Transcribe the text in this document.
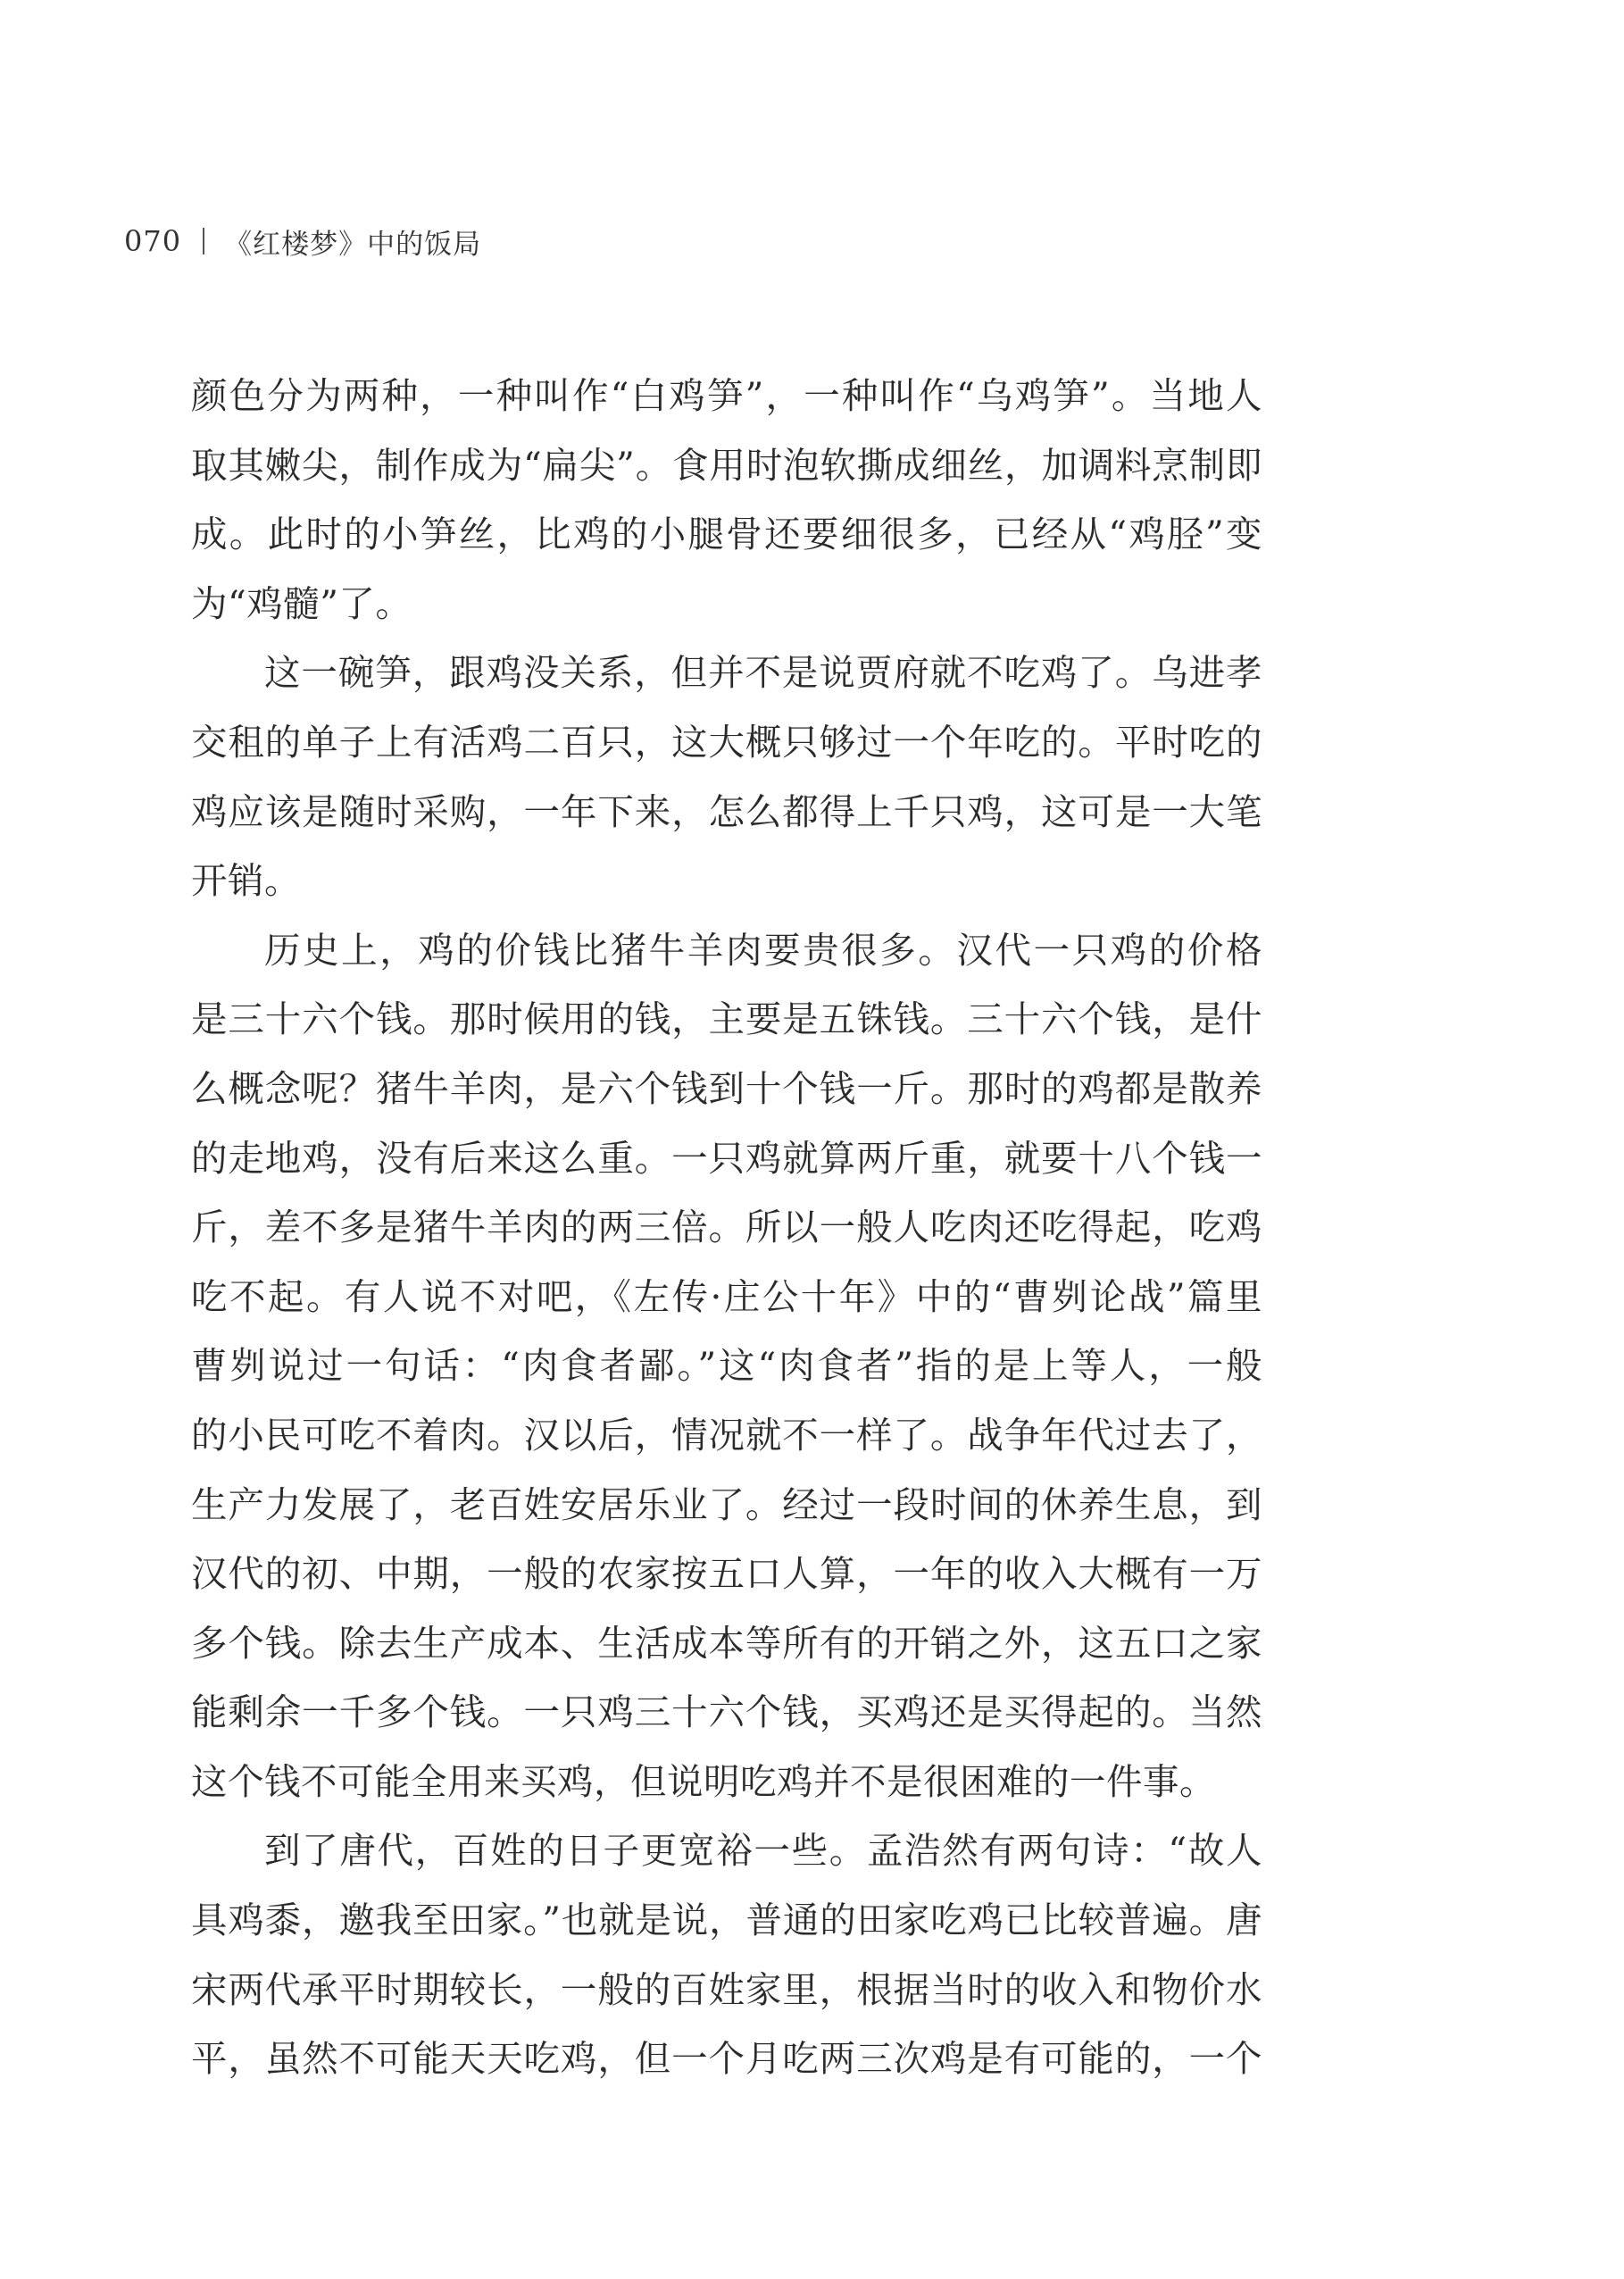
070 《红楼梦》中的饭局

颜色分为两种，一种叫作“白鸡笋”，一种叫作“乌鸡笋”。当地人
取其嫩尖，制作成为“扁尖”。食用时泡软撕成细丝，加调料烹制即
成。此时的小笋丝，比鸡的小腿骨还要细很多，已经从“鸡胫”变
为“鸡髓”了。

这一碗笋，跟鸡没关系，但并不是说贾府就不吃鸡了。乌进孝
交租的单子上有活鸡二百只，这大概只够过一个年吃的。平时吃的
鸡应该是随时采购，一年下来，怎么都得上千只鸡，这可是一大笔
开销。

历史上，鸡的价钱比猪牛羊肉要贵很多。汉代一只鸡的价格
是三十六个钱。那时候用的钱，主要是五铢钱。三十六个钱，是什
么概念呢？猪牛羊肉，是六个钱到十个钱一斤。那时的鸡都是散养
的走地鸡，没有后来这么重。一只鸡就算两斤重，就要十八个钱一
斤，差不多是猪牛羊肉的两三倍。所以一般人吃肉还吃得起，吃鸡
吃不起。有人说不对吧，《左传·庄公十年》中的“曹刿论战”篇里
曹刿说过一句话：“肉食者鄙。”这“肉食者”指的是上等人，一般
的小民可吃不着肉。汉以后，情况就不一样了。战争年代过去了，
生产力发展了，老百姓安居乐业了。经过一段时间的休养生息，到
汉代的初、中期，一般的农家按五口人算，一年的收入大概有一万
多个钱。除去生产成本、生活成本等所有的开销之外，这五口之家
能剩余一千多个钱。一只鸡三十六个钱，买鸡还是买得起的。当然
这个钱不可能全用来买鸡，但说明吃鸡并不是很困难的一件事。

到了唐代，百姓的日子更宽裕一些。孟浩然有两句诗：“故人
具鸡黍，邀我至田家。”也就是说，普通的田家吃鸡已比较普遍。唐
宋两代承平时期较长，一般的百姓家里，根据当时的收入和物价水
平，虽然不可能天天吃鸡，但一个月吃两三次鸡是有可能的，一个
